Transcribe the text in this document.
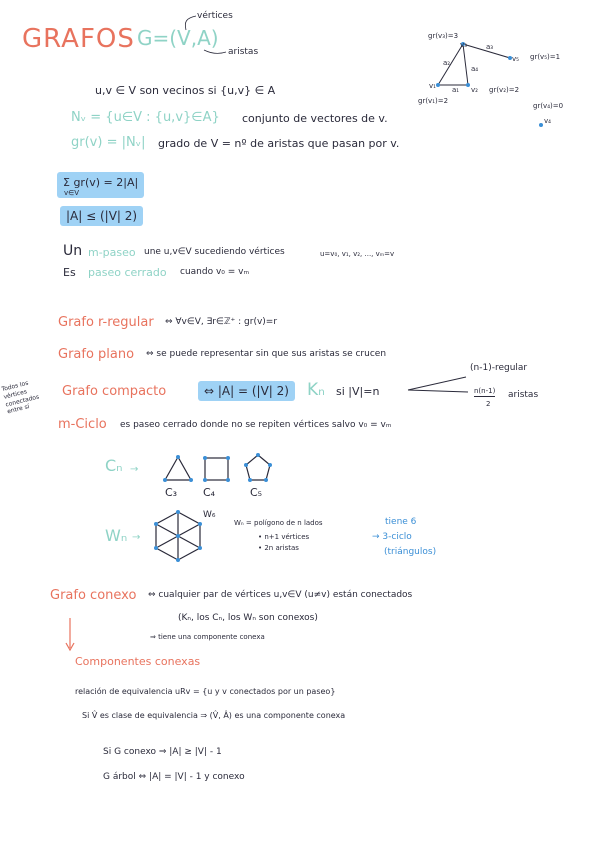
GRAFOS G=(V,A)
vértices
aristas
gr(v₃)=3
v₃	a₃
v₅ gr(v₅)=1
a₂
a₄
v₁ a₁ v₂
gr(v₁)=2
gr(v₂)=2
gr(v₄)=0
v₄
u,v ∈ V son vecinos si {u,v} ∈ A
Nᵥ = {u∈V : {u,v}∈A} conjunto de vectores de v.
gr(v) = |Nᵥ| grado de V = nº de aristas que pasan por v.
Σ gr(v) = 2|A|
v∈V
|A| ≤ (|V| 2)
Un m-paseo une u,v∈V sucediendo vértices	u=v₀, v₁, v₂, ..., vₘ=v
Es paseo cerrado cuando v₀ = vₘ
Grafo r-regular ⇔ ∀v∈V, ∃r∈ℤ⁺ : gr(v)=r
Grafo plano ⇔ se puede representar sin que sus aristas se crucen
Todos los vértices conectados entre sí
Grafo compacto	⇔ |A| = (|V| 2)	Kₙ si |V|=n
(n-1)-regular
n(n-1)
2
aristas
m-Ciclo es paseo cerrado donde no se repiten vértices salvo v₀ = vₘ
Cₙ →
C₃ C₄	C₅
Wₙ →
W₆
Wₙ = polígono de n lados
• n+1 vértices
• 2n aristas
tiene 6
→ 3-ciclo
(triángulos)
Grafo conexo ⇔ cualquier par de vértices u,v∈V (u≠v) están conectados
(Kₙ, los Cₙ, los Wₙ son conexos)
⇒ tiene una componente conexa
Componentes conexas
relación de equivalencia uRv = {u y v conectados por un paseo}
Si V̂ es clase de equivalencia ⇒ (V̂, Â) es una componente conexa
Si G conexo ⇒ |A| ≥ |V| - 1
G árbol ⇔ |A| = |V| - 1 y conexo
